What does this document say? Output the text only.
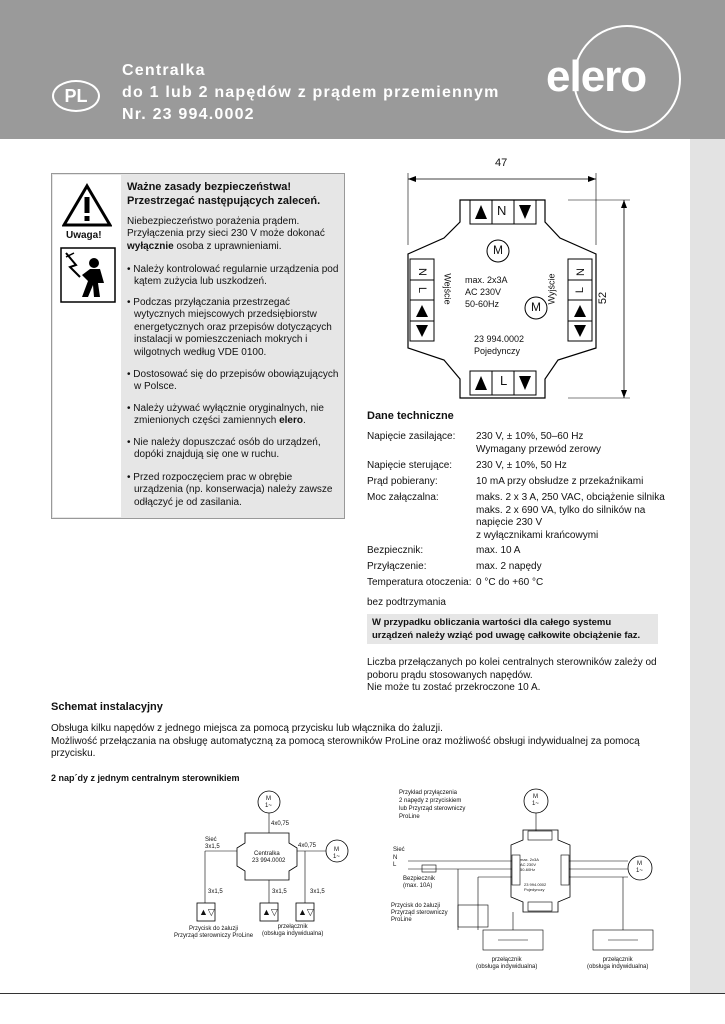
PL
Centralka
do 1 lub 2 napędów z prądem przemiennym
Nr. 23 994.0002
elero
Uwaga!
Ważne zasady bezpieczeństwa!
Przestrzegać następujących zaleceń.
Niebezpieczeństwo porażenia prądem.
Przyłączenia przy sieci 230 V może dokonać
wyłącznie osoba z uprawnieniami.
• Należy kontrolować regularnie urządzenia pod
kątem zużycia lub uszkodzeń.
• Podczas przyłączania przestrzegać
wytycznych miejscowych przedsiębiorstw
energetycznych oraz przepisów dotyczących
instalacji w pomieszczeniach mokrych i
wilgotnych według VDE 0100.
• Dostosować się do przepisów obowiązujących
w Polsce.
• Należy używać wyłącznie oryginalnych, nie
zmienionych części zamiennych elero.
• Nie należy dopuszczać osób do urządzeń,
dopóki znajdują się one w ruchu.
• Przed rozpoczęciem prac w obrębie
urządzenia (np. konserwacja) należy zawsze
odłączyć je od zasilania.
47
52
N
L
N
L
N
L
Wejście	Wyjście
M
M
max. 2x3A
AC 230V
50-60Hz
23 994.0002
Pojedynczy
Dane techniczne
Napięcie zasilające: 230 V, ± 10%, 50–60 Hz
Wymagany przewód zerowy
Napięcie sterujące: 230 V, ± 10%, 50 Hz
Prąd pobierany:	10 mA przy obsłudze z przekaźnikami
Moc załączalna:	maks. 2 x 3 A, 250 VAC, obciążenie silnika
maks. 2 x 690 VA, tylko do silników na
napięcie 230 V
z wyłącznikami krańcowymi
Bezpiecznik:	max. 10 A
Przyłączenie:	max. 2 napędy
Temperatura otoczenia: 0 °C do +60 °C
bez podtrzymania
W przypadku obliczania wartości dla całego systemu
urządzeń należy wziąć pod uwagę całkowite obciążenie faz.
Liczba przełączanych po kolei centralnych sterowników zależy od
poboru prądu stosowanych napędów.
Nie może tu zostać przekroczone 10 A.
Schemat instalacyjny
Obsługa kilku napędów z jednego miejsca za pomocą przycisku lub włącznika do żaluzji.
Możliwość przełączania na obsługę automatyczną za pomocą sterowników ProLine oraz możliwość obsługi indywidualnej za pomocą
przycisku.
2 nap´dy z jednym centralnym sterownikiem
M
1~
4x0,75
4x0,75
M
1~
Sieć
3x1,5
Centralka
23 994.0002
3x1,5	3x1,5	3x1,5
▲▽	▲▽ ▲▽
Przycisk do żaluzji
Przyrząd sterowniczy ProLine
przełącznik
(obsługa indywidualna)
Przykład przyłączenia
2 napędy z przyciskiem
lub Przyrząd sterowniczy
ProLine
M
1~
M
1~
Sieć
N
L
Bezpiecznik
(max. 10A)
Przycisk do żaluzji
Przyrząd sterowniczy
ProLine
max. 2x3A
AC 230V
50-60Hz
23 994.0002
Pojedynczy
przełącznik
(obsługa indywidualna)
przełącznik
(obsługa indywidualna)
